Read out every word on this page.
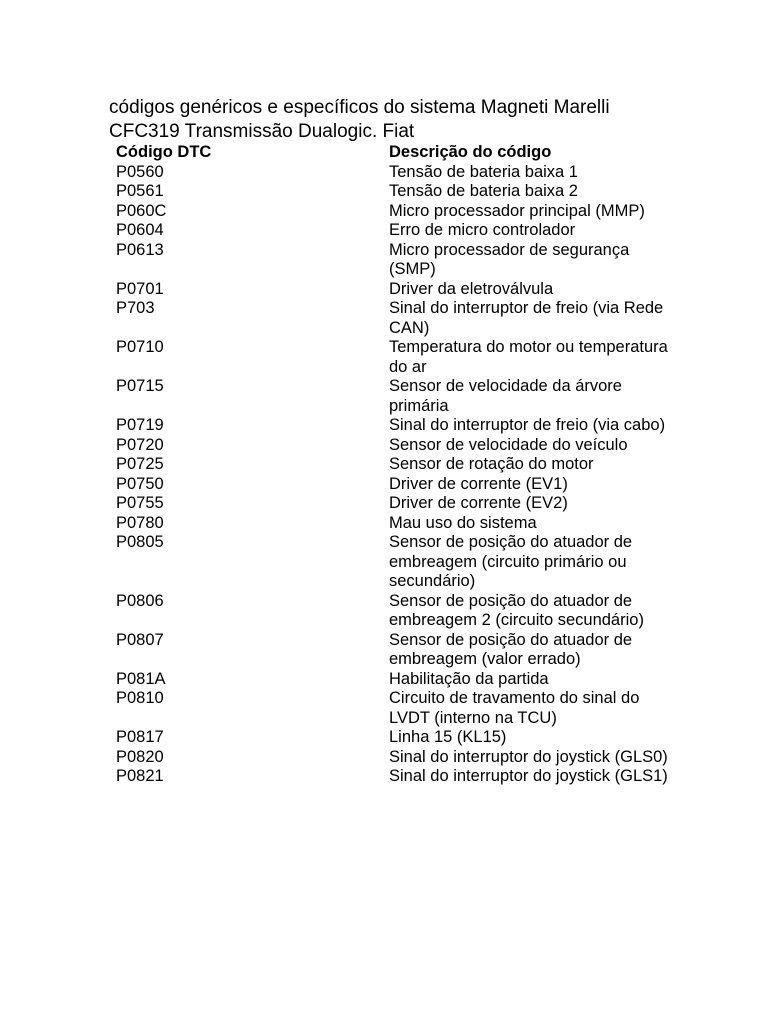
códigos genéricos e específicos do sistema Magneti Marelli CFC319 Transmissão Dualogic. Fiat
Código DTC	Descrição do código
P0560	Tensão de bateria baixa 1
P0561	Tensão de bateria baixa 2
P060C	Micro processador principal (MMP)
P0604	Erro de micro controlador
P0613	Micro processador de segurança (SMP)
P0701	Driver da eletroválvula
P703	Sinal do interruptor de freio (via Rede CAN)
P0710	Temperatura do motor ou temperatura do ar
P0715	Sensor de velocidade da árvore primária
P0719	Sinal do interruptor de freio (via cabo)
P0720	Sensor de velocidade do veículo
P0725	Sensor de rotação do motor
P0750	Driver de corrente (EV1)
P0755	Driver de corrente (EV2)
P0780	Mau uso do sistema
P0805	Sensor de posição do atuador de embreagem (circuito primário ou secundário)
P0806	Sensor de posição do atuador de embreagem 2 (circuito secundário)
P0807	Sensor de posição do atuador de embreagem (valor errado)
P081A	Habilitação da partida
P0810	Circuito de travamento do sinal do LVDT (interno na TCU)
P0817	Linha 15 (KL15)
P0820	Sinal do interruptor do joystick (GLS0)
P0821	Sinal do interruptor do joystick (GLS1)
